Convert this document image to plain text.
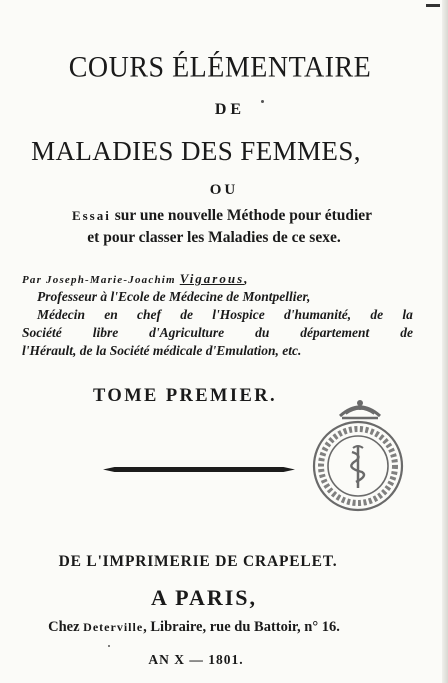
COURS ÉLÉMENTAIRE
DE
MALADIES DES FEMMES,
OU
Essai sur une nouvelle Méthode pour étudier
et pour classer les Maladies de ce sexe.
Par Joseph-Marie-Joachim Vigarous,
Professeur à l'Ecole de Médecine de Montpellier,
Médecin en chef de l'Hospice d'humanité, de la
Société libre d'Agriculture du département de
l'Hérault, de la Société médicale d'Emulation, etc.
TOME PREMIER.
DE L'IMPRIMERIE DE CRAPELET.
A PARIS,
Chez Deterville, Libraire, rue du Battoir, n° 16.
AN X — 1801.
